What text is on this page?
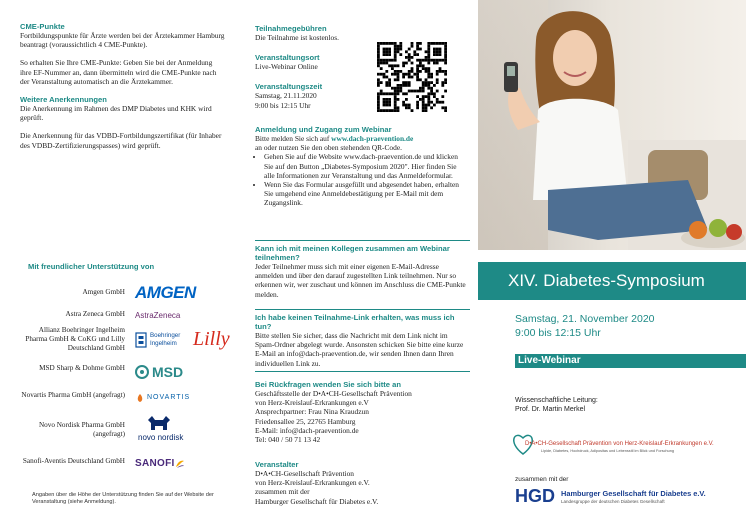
CME-Punkte

Fortbildungspunkte für Ärzte werden bei der Ärztekammer Hamburg beantragt (voraussichtlich 4 CME-Punkte).

So erhalten Sie Ihre CME-Punkte: Geben Sie bei der Anmeldung ihre EF-Nummer an, dann übermitteln wird die CME-Punkte nach der Veranstaltung automatisch an die Ärztekammer.

Weitere Anerkennungen

Die Anerkennung im Rahmen des DMP Diabetes und KHK wird geprüft.

Die Anerkennung für das VDBD-Fortbildungszertifikat (für Inhaber des VDBD-Zertifizierungspasses) wird geprüft.

Mit freundlicher Unterstützung von
Amgen GmbH AMGEN
Astra Zeneca GmbH AstraZeneca
Allianz Boehringer Ingelheim Pharma GmbH & CoKG und Lilly Deutschland GmbH
Boehringer Ingelheim Lilly
MSD Sharp & Dohme GmbH MSD
Novartis Pharma GmbH (angefragt)	NOVARTIS
Novo Nordisk Pharma GmbH (angefragt) novo nordisk
Sanofi-Aventis Deutschland GmbH SANOFI
Angaben über die Höhe der Unterstützung finden Sie auf der Website der Veranstaltung (siehe Anmeldung).
Teilnahmegebühren

Die Teilnahme ist kostenlos.

Veranstaltungsort

Live-Webinar Online

Veranstaltungszeit

Samstag, 21.11.2020

9:00 bis 12:15 Uhr

Anmeldung und Zugang zum Webinar

Bitte melden Sie sich auf www.dach-praevention.de

an oder nutzen Sie den oben stehenden QR-Code.

• Gehen Sie auf die Website www.dach-praevention.de und klicken Sie auf den Button „Diabetes-Symposium 2020". Hier finden Sie alle Informationen zur Veranstaltung und das Anmeldeformular.
• Wenn Sie das Formular ausgefüllt und abgesendet haben, erhalten Sie umgehend eine Anmeldebestätigung per E-Mail mit dem Zugangslink.
Kann ich mit meinen Kollegen zusammen am Webinar teilnehmen?

Jeder Teilnehmer muss sich mit einer eigenen E-Mail-Adresse anmelden und über den darauf zugestellten Link teilnehmen. Nur so erkennen wir, wer zuschaut und können im Anschluss die CME-Punkte melden.

Ich habe keinen Teilnahme-Link erhalten, was muss ich tun?

Bitte stellen Sie sicher, dass die Nachricht mit dem Link nicht im Spam-Ordner abgelegt wurde. Ansonsten schicken Sie bitte eine kurze E-Mail an info@dach-praevention.de, wir senden Ihnen dann Ihren individuellen Link zu.

Bei Rückfragen wenden Sie sich bitte an

Geschäftsstelle der D•A•CH-Gesellschaft Prävention

von Herz-Kreislauf-Erkrankungen e.V

Ansprechpartner: Frau Nina Kraudzun

Friedensallee 25, 22765 Hamburg

E-Mail: info@dach-praevention.de

Tel: 040 / 50 71 13 42

Veranstalter

D•A•CH-Gesellschaft Prävention

von Herz-Kreislauf-Erkrankungen e.V.

zusammen mit der

Hamburger Gesellschaft für Diabetes e.V.

XIV. Diabetes-Symposium
Samstag, 21. November 2020
9:00 bis 12:15 Uhr
Live-Webinar
Wissenschaftliche Leitung:
Prof. Dr. Martin Merkel
D•A•CH-Gesellschaft Prävention von Herz-Kreislauf-Erkrankungen e.V.
Lipide, Diabetes, Hochdruck, Adipositas und Lebensstil im Blick und Forschung
zusammen mit der
HGD Hamburger Gesellschaft für Diabetes e.V.
Landesgruppe der deutschen Diabetes Gesellschaft
